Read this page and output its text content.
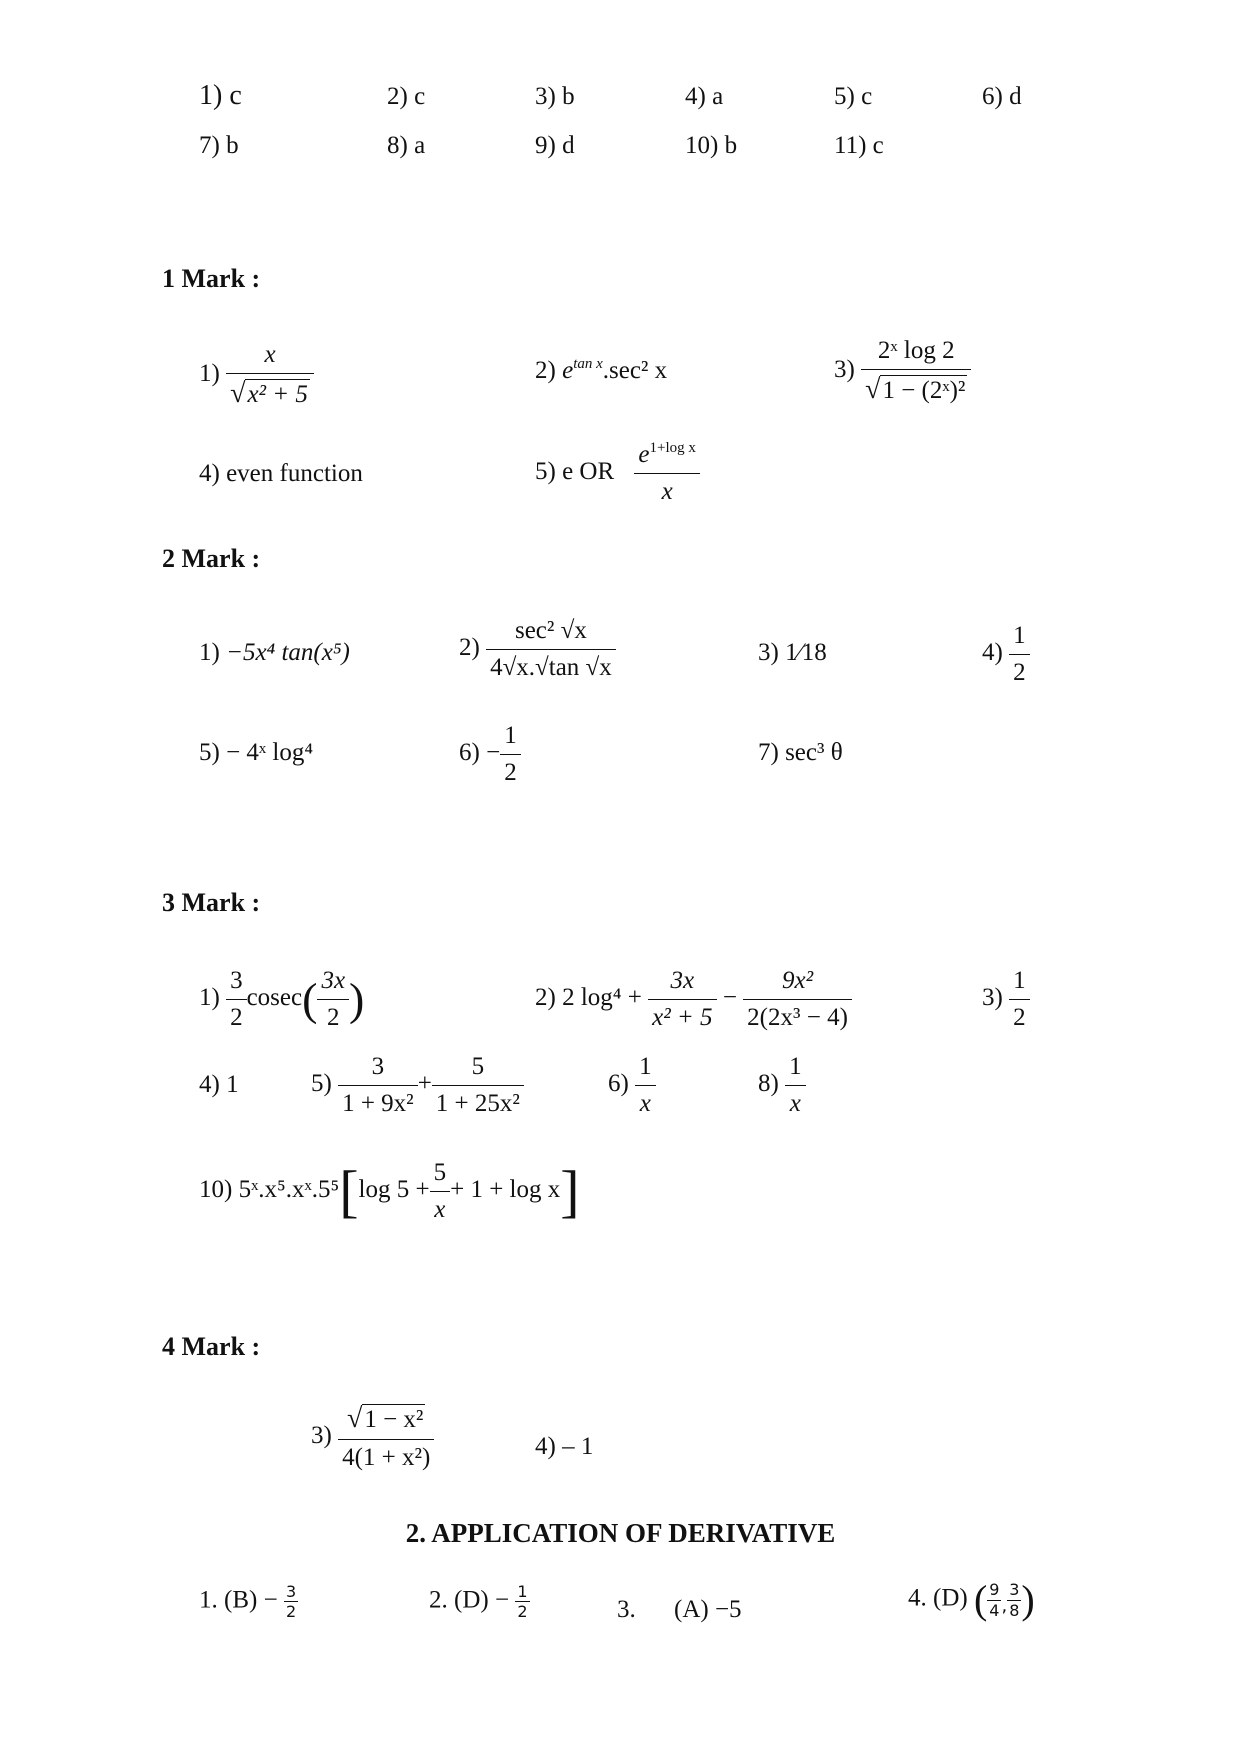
1) c	2) c	3) b	4) a	5) c	6) d
7) b	8) a	9) d	10) b	11) c
1 Mark :
$1) \frac{x}{\text{√x² + 5}}$	2) $e^{tan x}.\sec^2$ x	$3) \frac{\text{2ˣ log 2}}{\text{√1 − (2ˣ)²}}$
4) even function	5) e OR $\frac{e^{1+log x}}{x}$
2 Mark :
1) −5x⁴ tan(x⁵)	$2) \frac{\text{sec² √x}}{4√x.√\tan √x}$	3) 1⁄18	$4) \frac{1}{2}$
5) − 4ˣ log⁴	$6) - \frac{1}{2}$	7) sec³ θ
3 Mark :
$1) \frac{3}{2} cosec( \frac{3x}{2}$ )	2) 2 $\log^4 + \frac{3x}{\text{x² + 5}} - \frac{\text{9x²}}{\text{2(2x³ − 4)}}$	$3) \frac{1}{2}$
4) 1	$5) \frac{3}{\text{1 + 9x²}} + \frac{5}{\text{1 + 25x²}}$	$6) \frac{1}{x}$	$8) \frac{1}{x}$
10) 5ˣ.x⁵.xˣ.5⁵[log $5 + \frac{5}{x} + 1 + \log x$]
4 Mark :
$3) \frac{\text{√1 − x²}}{\text{4(1 + x²)}}$	4) – 1
2. APPLICATION OF DERIVATIVE
1. $(B) - \frac{3}{2}$	2. $(D) - \frac{1}{2}$	3. (A) −5	4. (D) ( $\frac{9}{4} _, \frac{3}{8}$ )
